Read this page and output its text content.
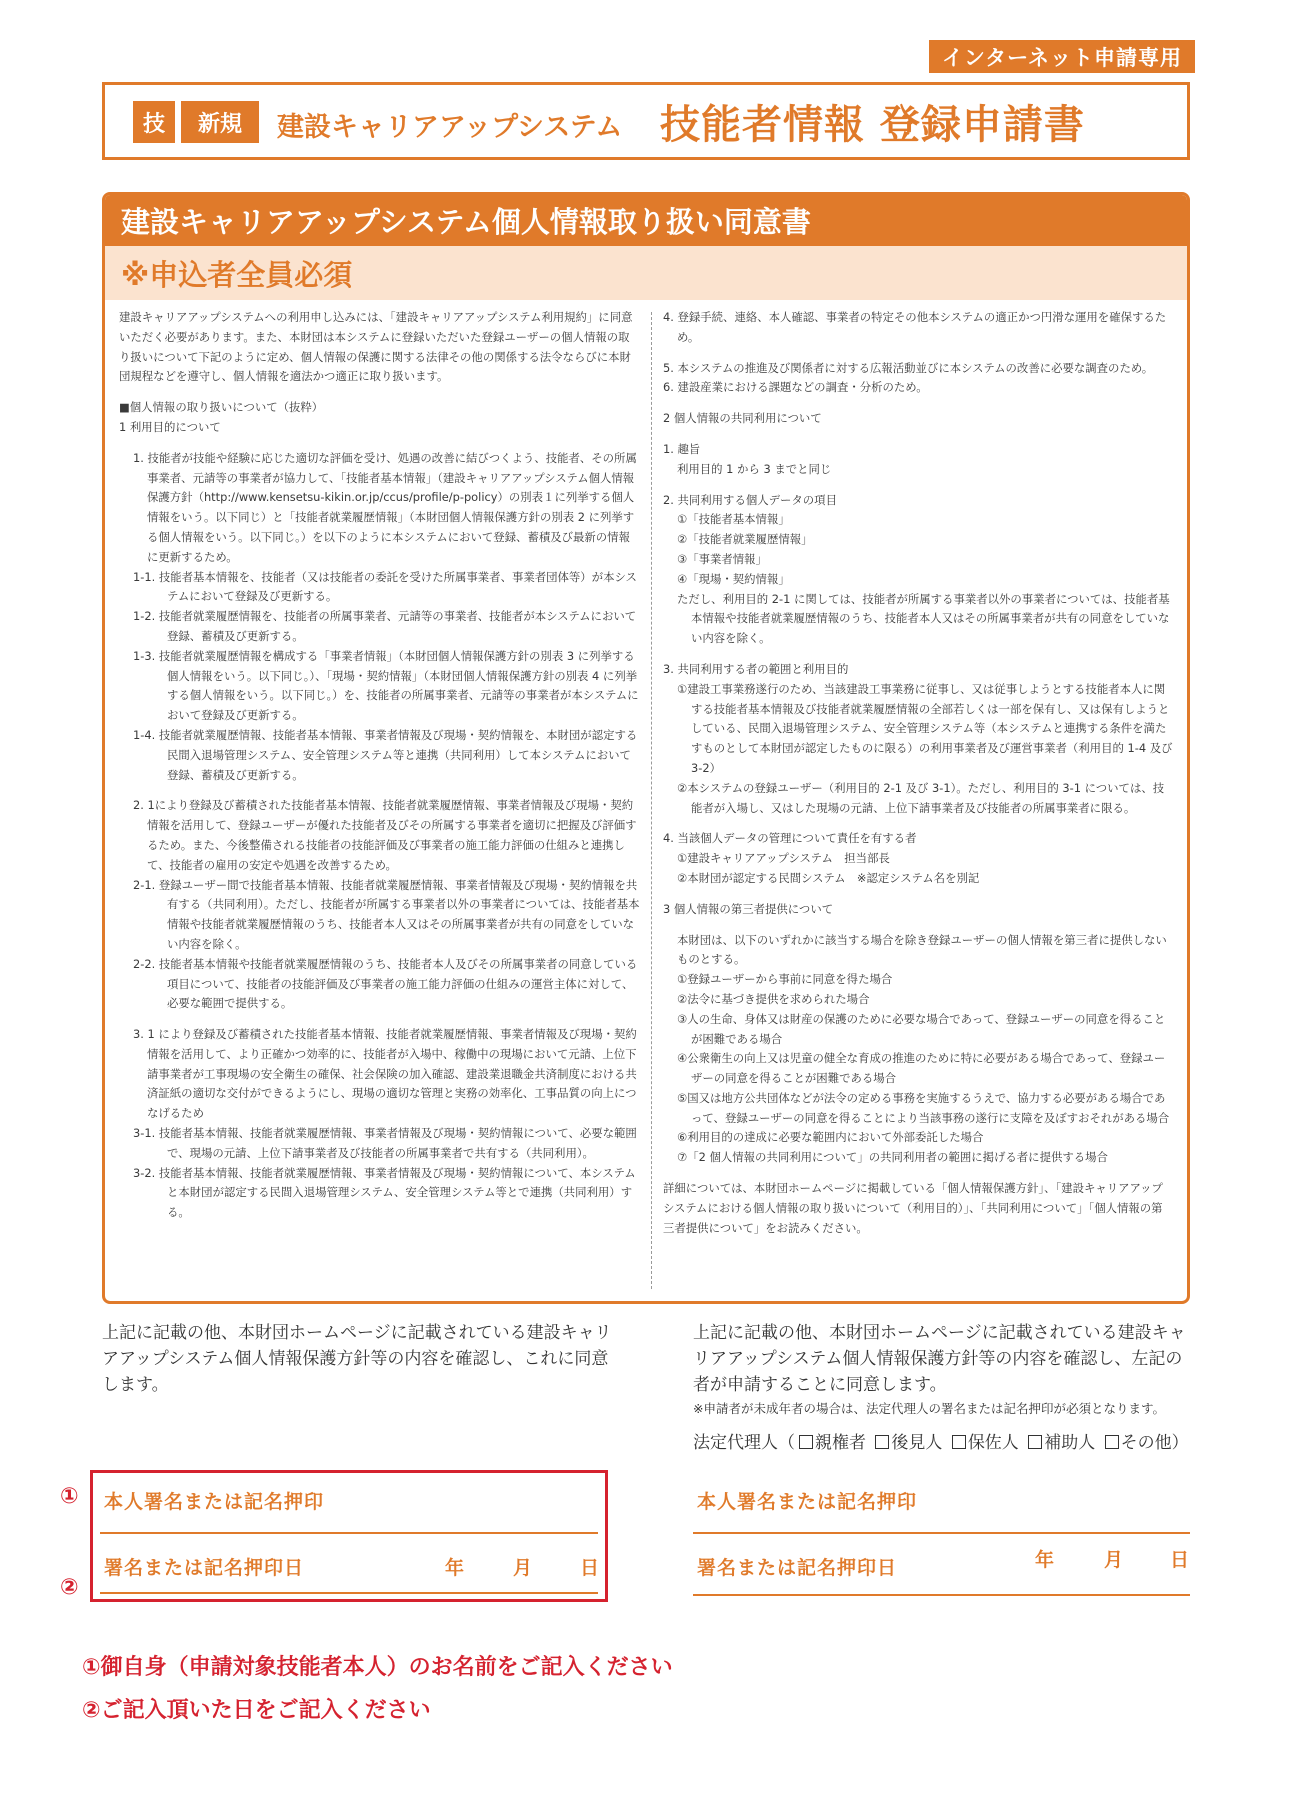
インターネット申請専用
技	新規	建設キャリアアップシステム 技能者情報 登録申請書
建設キャリアアップシステム個人情報取り扱い同意書
※申込者全員必須
建設キャリアアップシステムへの利用申し込みには、「建設キャリアアップシステム利用規約」に同意いただく必要があります。また、本財団は本システムに登録いただいた登録ユーザーの個人情報の取り扱いについて下記のように定め、個人情報の保護に関する法律その他の関係する法令ならびに本財団規程などを遵守し、個人情報を適法かつ適正に取り扱います。
■個人情報の取り扱いについて（抜粋）
1 利用目的について
1. 技能者が技能や経験に応じた適切な評価を受け、処遇の改善に結びつくよう、技能者、その所属事業者、元請等の事業者が協力して、「技能者基本情報」（建設キャリアアップシステム個人情報保護方針（http://www.kensetsu-kikin.or.jp/ccus/profile/p-policy）の別表１に列挙する個人情報をいう。以下同じ）と「技能者就業履歴情報」（本財団個人情報保護方針の別表 2 に列挙する個人情報をいう。以下同じ。）を以下のように本システムにおいて登録、蓄積及び最新の情報に更新するため。
1-1. 技能者基本情報を、技能者（又は技能者の委託を受けた所属事業者、事業者団体等）が本システムにおいて登録及び更新する。
1-2. 技能者就業履歴情報を、技能者の所属事業者、元請等の事業者、技能者が本システムにおいて登録、蓄積及び更新する。
1-3. 技能者就業履歴情報を構成する「事業者情報」（本財団個人情報保護方針の別表 3 に列挙する個人情報をいう。以下同じ。）、「現場・契約情報」（本財団個人情報保護方針の別表 4 に列挙する個人情報をいう。以下同じ。）を、技能者の所属事業者、元請等の事業者が本システムにおいて登録及び更新する。
1-4. 技能者就業履歴情報、技能者基本情報、事業者情報及び現場・契約情報を、本財団が認定する民間入退場管理システム、安全管理システム等と連携（共同利用）して本システムにおいて登録、蓄積及び更新する。
2. 1により登録及び蓄積された技能者基本情報、技能者就業履歴情報、事業者情報及び現場・契約情報を活用して、登録ユーザーが優れた技能者及びその所属する事業者を適切に把握及び評価するため。また、今後整備される技能者の技能評価及び事業者の施工能力評価の仕組みと連携して、技能者の雇用の安定や処遇を改善するため。
2-1. 登録ユーザー間で技能者基本情報、技能者就業履歴情報、事業者情報及び現場・契約情報を共有する（共同利用）。ただし、技能者が所属する事業者以外の事業者については、技能者基本情報や技能者就業履歴情報のうち、技能者本人又はその所属事業者が共有の同意をしていない内容を除く。
2-2. 技能者基本情報や技能者就業履歴情報のうち、技能者本人及びその所属事業者の同意している項目について、技能者の技能評価及び事業者の施工能力評価の仕組みの運営主体に対して、必要な範囲で提供する。
3. 1 により登録及び蓄積された技能者基本情報、技能者就業履歴情報、事業者情報及び現場・契約情報を活用して、より正確かつ効率的に、技能者が入場中、稼働中の現場において元請、上位下請事業者が工事現場の安全衛生の確保、社会保険の加入確認、建設業退職金共済制度における共済証紙の適切な交付ができるようにし、現場の適切な管理と実務の効率化、工事品質の向上につなげるため
3-1. 技能者基本情報、技能者就業履歴情報、事業者情報及び現場・契約情報について、必要な範囲で、現場の元請、上位下請事業者及び技能者の所属事業者で共有する（共同利用）。
3-2. 技能者基本情報、技能者就業履歴情報、事業者情報及び現場・契約情報について、本システムと本財団が認定する民間入退場管理システム、安全管理システム等とで連携（共同利用）する。
4. 登録手続、連絡、本人確認、事業者の特定その他本システムの適正かつ円滑な運用を確保するため。
5. 本システムの推進及び関係者に対する広報活動並びに本システムの改善に必要な調査のため。
6. 建設産業における課題などの調査・分析のため。
2 個人情報の共同利用について
1. 趣旨
利用目的 1 から 3 までと同じ
2. 共同利用する個人データの項目
①「技能者基本情報」
②「技能者就業履歴情報」
③「事業者情報」
④「現場・契約情報」
ただし、利用目的 2-1 に関しては、技能者が所属する事業者以外の事業者については、技能者基本情報や技能者就業履歴情報のうち、技能者本人又はその所属事業者が共有の同意をしていない内容を除く。
3. 共同利用する者の範囲と利用目的
①建設工事業務遂行のため、当該建設工事業務に従事し、又は従事しようとする技能者本人に関する技能者基本情報及び技能者就業履歴情報の全部若しくは一部を保有し、又は保有しようとしている、民間入退場管理システム、安全管理システム等（本システムと連携する条件を満たすものとして本財団が認定したものに限る）の利用事業者及び運営事業者（利用目的 1-4 及び 3-2）
②本システムの登録ユーザー（利用目的 2-1 及び 3-1）。ただし、利用目的 3-1 については、技能者が入場し、又はした現場の元請、上位下請事業者及び技能者の所属事業者に限る。
4. 当該個人データの管理について責任を有する者
①建設キャリアアップシステム　担当部長
②本財団が認定する民間システム　※認定システム名を別記
3 個人情報の第三者提供について
本財団は、以下のいずれかに該当する場合を除き登録ユーザーの個人情報を第三者に提供しないものとする。
①登録ユーザーから事前に同意を得た場合
②法令に基づき提供を求められた場合
③人の生命、身体又は財産の保護のために必要な場合であって、登録ユーザーの同意を得ることが困難である場合
④公衆衛生の向上又は児童の健全な育成の推進のために特に必要がある場合であって、登録ユーザーの同意を得ることが困難である場合
⑤国又は地方公共団体などが法令の定める事務を実施するうえで、協力する必要がある場合であって、登録ユーザーの同意を得ることにより当該事務の遂行に支障を及ぼすおそれがある場合
⑥利用目的の達成に必要な範囲内において外部委託した場合
⑦「2 個人情報の共同利用について」の共同利用者の範囲に掲げる者に提供する場合
詳細については、本財団ホームページに掲載している「個人情報保護方針」、「建設キャリアアップシステムにおける個人情報の取り扱いについて（利用目的）」、「共同利用について」「個人情報の第三者提供について」をお読みください。
上記に記載の他、本財団ホームページに記載されている建設キャリアアップシステム個人情報保護方針等の内容を確認し、これに同意します。
上記に記載の他、本財団ホームページに記載されている建設キャリアアップシステム個人情報保護方針等の内容を確認し、左記の者が申請することに同意します。
※申請者が未成年者の場合は、法定代理人の署名または記名押印が必須となります。
法定代理人（ 親権者 後見人 保佐人 補助人 その他）
①
②
本人署名または記名押印
署名または記名押印日	年	月	日
本人署名または記名押印
署名または記名押印日	年	月 日
①御自身（申請対象技能者本人）のお名前をご記入ください
②ご記入頂いた日をご記入ください
